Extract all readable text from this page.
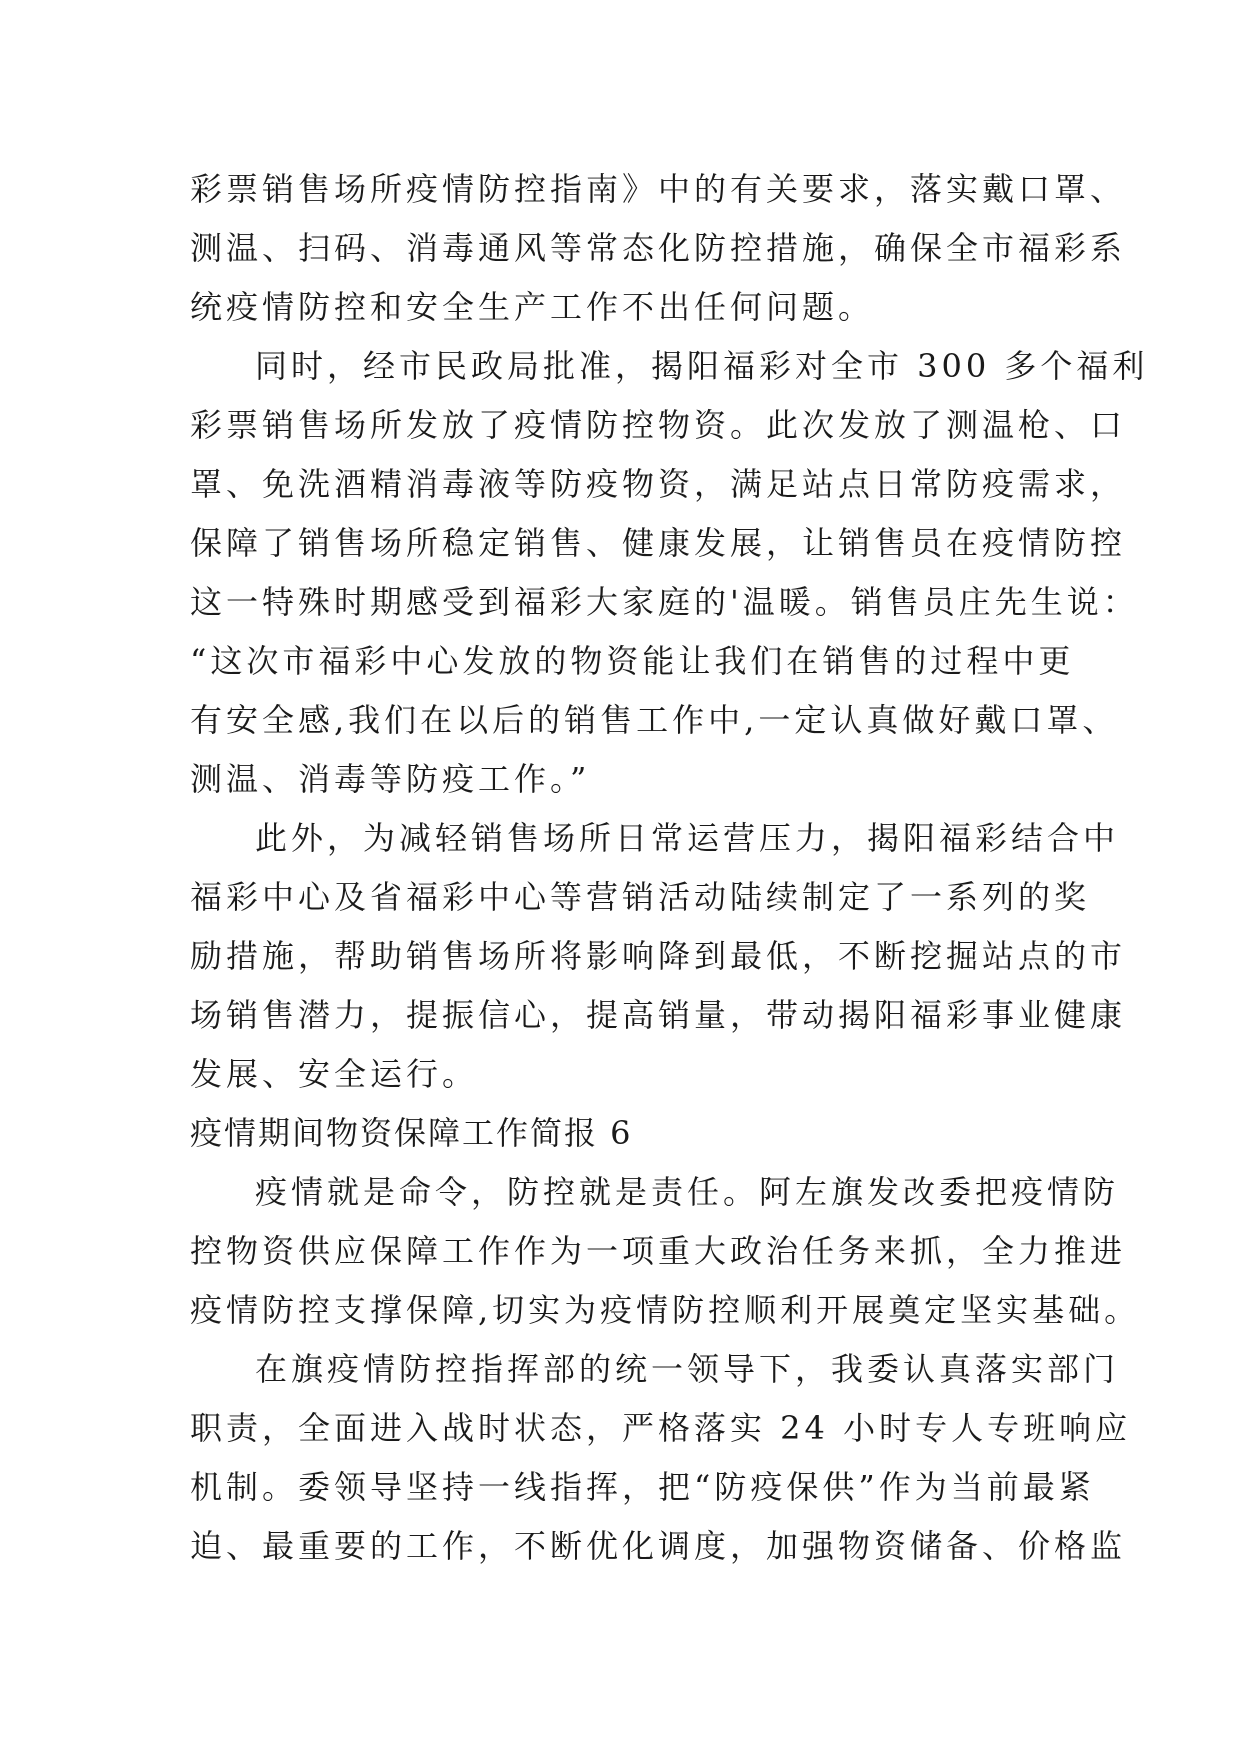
彩票销售场所疫情防控指南》中的有关要求，落实戴口罩、
测温、扫码、消毒通风等常态化防控措施，确保全市福彩系
统疫情防控和安全生产工作不出任何问题。
同时，经市民政局批准，揭阳福彩对全市 300 多个福利
彩票销售场所发放了疫情防控物资。此次发放了测温枪、口
罩、免洗酒精消毒液等防疫物资，满足站点日常防疫需求，
保障了销售场所稳定销售、健康发展，让销售员在疫情防控
这一特殊时期感受到福彩大家庭的'温暖。销售员庄先生说：
“这次市福彩中心发放的物资能让我们在销售的过程中更
有安全感,我们在以后的销售工作中,一定认真做好戴口罩、
测温、消毒等防疫工作。”
此外，为减轻销售场所日常运营压力，揭阳福彩结合中
福彩中心及省福彩中心等营销活动陆续制定了一系列的奖
励措施，帮助销售场所将影响降到最低，不断挖掘站点的市
场销售潜力，提振信心，提高销量，带动揭阳福彩事业健康
发展、安全运行。
疫情期间物资保障工作简报 6
疫情就是命令，防控就是责任。阿左旗发改委把疫情防
控物资供应保障工作作为一项重大政治任务来抓，全力推进
疫情防控支撑保障,切实为疫情防控顺利开展奠定坚实基础。
在旗疫情防控指挥部的统一领导下，我委认真落实部门
职责，全面进入战时状态，严格落实 24 小时专人专班响应
机制。委领导坚持一线指挥，把“防疫保供”作为当前最紧
迫、最重要的工作，不断优化调度，加强物资储备、价格监
